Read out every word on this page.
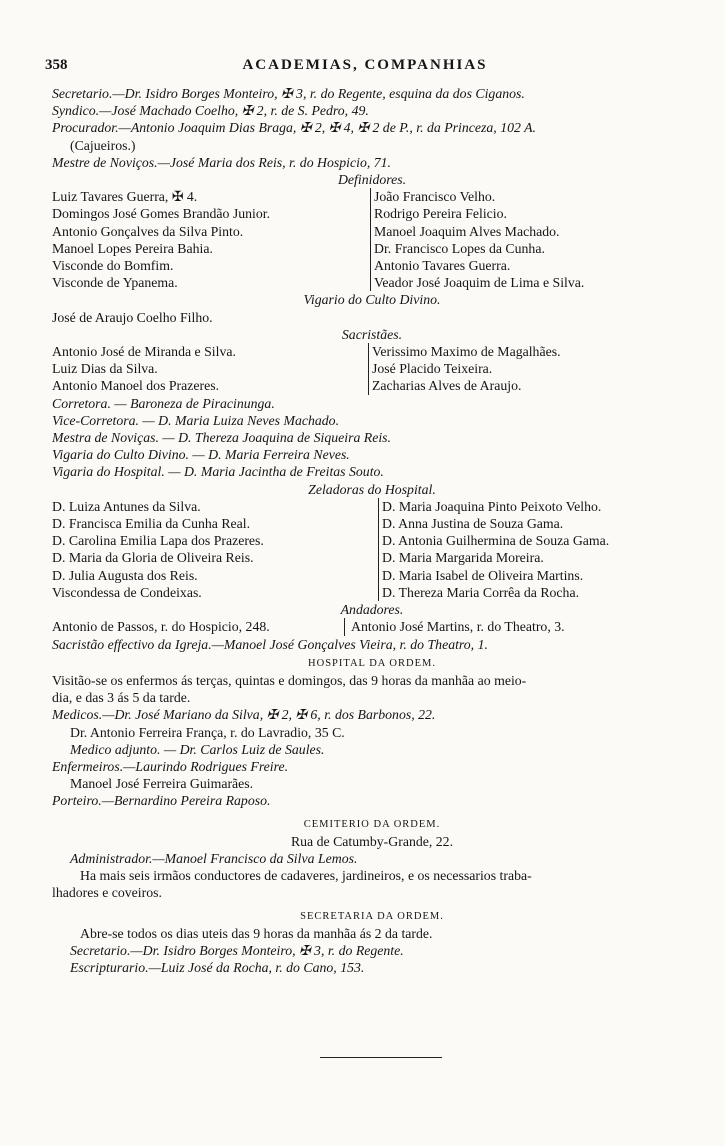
358	ACADEMIAS, COMPANHIAS
Secretario.—Dr. Isidro Borges Monteiro, ✠ 3, r. do Regente, esquina da dos Ciganos.
Syndico.—José Machado Coelho, ✠ 2, r. de S. Pedro, 49.
Procurador.—Antonio Joaquim Dias Braga, ✠ 2, ✠ 4, ✠ 2 de P., r. da Princeza, 102 A.
(Cajueiros.)
Mestre de Noviços.—José Maria dos Reis, r. do Hospicio, 71.
Definidores.
Luiz Tavares Guerra, ✠ 4.
Domingos José Gomes Brandão Junior.
Antonio Gonçalves da Silva Pinto.
Manoel Lopes Pereira Bahia.
Visconde do Bomfim.
Visconde de Ypanema.
João Francisco Velho.
Rodrigo Pereira Felicio.
Manoel Joaquim Alves Machado.
Dr. Francisco Lopes da Cunha.
Antonio Tavares Guerra.
Veador José Joaquim de Lima e Silva.
Vigario do Culto Divino.
José de Araujo Coelho Filho.
Sacristães.
Antonio José de Miranda e Silva.
Luiz Dias da Silva.
Antonio Manoel dos Prazeres.
Verissimo Maximo de Magalhães.
José Placido Teixeira.
Zacharias Alves de Araujo.
Corretora. — Baroneza de Piracinunga.
Vice-Corretora. — D. Maria Luiza Neves Machado.
Mestra de Noviças. — D. Thereza Joaquina de Siqueira Reis.
Vigaria do Culto Divino. — D. Maria Ferreira Neves.
Vigaria do Hospital. — D. Maria Jacintha de Freitas Souto.
Zeladoras do Hospital.
D. Luiza Antunes da Silva.
D. Francisca Emilia da Cunha Real.
D. Carolina Emilia Lapa dos Prazeres.
D. Maria da Gloria de Oliveira Reis.
D. Julia Augusta dos Reis.
Viscondessa de Condeixas.
D. Maria Joaquina Pinto Peixoto Velho.
D. Anna Justina de Souza Gama.
D. Antonia Guilhermina de Souza Gama.
D. Maria Margarida Moreira.
D. Maria Isabel de Oliveira Martins.
D. Thereza Maria Corrêa da Rocha.
Andadores.
Antonio de Passos, r. do Hospicio, 248.	Antonio José Martins, r. do Theatro, 3.
Sacristão effectivo da Igreja.—Manoel José Gonçalves Vieira, r. do Theatro, 1.
HOSPITAL DA ORDEM.
Visitão-se os enfermos ás terças, quintas e domingos, das 9 horas da manhãa ao meio-
dia, e das 3 ás 5 da tarde.
Medicos.—Dr. José Mariano da Silva, ✠ 2, ✠ 6, r. dos Barbonos, 22.
Dr. Antonio Ferreira França, r. do Lavradio, 35 C.
Medico adjunto. — Dr. Carlos Luiz de Saules.
Enfermeiros.—Laurindo Rodrigues Freire.
Manoel José Ferreira Guimarães.
Porteiro.—Bernardino Pereira Raposo.
CEMITERIO DA ORDEM.
Rua de Catumby-Grande, 22.
Administrador.—Manoel Francisco da Silva Lemos.
Ha mais seis irmãos conductores de cadaveres, jardineiros, e os necessarios traba-
lhadores e coveiros.
SECRETARIA DA ORDEM.
Abre-se todos os dias uteis das 9 horas da manhãa ás 2 da tarde.
Secretario.—Dr. Isidro Borges Monteiro, ✠ 3, r. do Regente.
Escripturario.—Luiz José da Rocha, r. do Cano, 153.
